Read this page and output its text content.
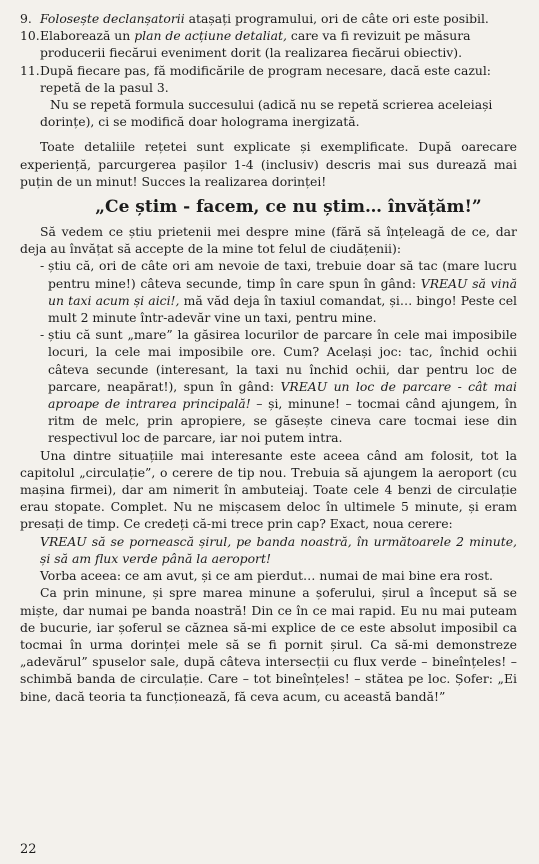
9. Folosește declanșatorii atașați programului, ori de câte ori este posibil.

10. Elaborează un plan de acțiune detaliat, care va fi revizuit pe măsura producerii fiecărui eveniment dorit (la realizarea fiecărui obiectiv).

11. După fiecare pas, fă modificările de program necesare, dacă este cazul: repetă de la pasul 3.

Nu se repetă formula succesului (adică nu se repetă scrierea aceleiași dorințe), ci se modifică doar holograma inergizată.

Toate detaliile rețetei sunt explicate și exemplificate. După oarecare experiență, parcurgerea pașilor 1-4 (inclusiv) descris mai sus durează mai puțin de un minut! Succes la realizarea dorinței!

„Ce știm - facem, ce nu știm… învățăm!”

Să vedem ce știu prietenii mei despre mine (fără să înțeleagă de ce, dar deja au învățat să accepte de la mine tot felul de ciudățenii):

- știu că, ori de câte ori am nevoie de taxi, trebuie doar să tac (mare lucru pentru mine!) câteva secunde, timp în care spun în gând: VREAU să vină un taxi acum și aici!, mă văd deja în taxiul comandat, și… bingo! Peste cel mult 2 minute într-adevăr vine un taxi, pentru mine.

- știu că sunt „mare” la găsirea locurilor de parcare în cele mai imposibile locuri, la cele mai imposibile ore. Cum? Același joc: tac, închid ochii câteva secunde (interesant, la taxi nu închid ochii, dar pentru loc de parcare, neapărat!), spun în gând: VREAU un loc de parcare - cât mai aproape de intrarea principală! – și, minune! – tocmai când ajungem, în ritm de melc, prin apropiere, se găsește cineva care tocmai iese din respectivul loc de parcare, iar noi putem intra.

Una dintre situațiile mai interesante este aceea când am folosit, tot la capitolul „circulație”, o cerere de tip nou. Trebuia să ajungem la aeroport (cu mașina firmei), dar am nimerit în ambuteiaj. Toate cele 4 benzi de circulație erau stopate. Complet. Nu ne mișcasem deloc în ultimele 5 minute, și eram presați de timp. Ce credeți că-mi trece prin cap? Exact, noua cerere:

VREAU să se pornească șirul, pe banda noastră, în următoarele 2 minute, și să am flux verde până la aeroport!

Vorba aceea: ce am avut, și ce am pierdut… numai de mai bine era rost.

Ca prin minune, și spre marea minune a șoferului, șirul a început să se miște, dar numai pe banda noastră! Din ce în ce mai rapid. Eu nu mai puteam de bucurie, iar șoferul se căznea să-mi explice de ce este absolut imposibil ca tocmai în urma dorinței mele să se fi pornit șirul. Ca să-mi demonstreze „adevărul” spuselor sale, după câteva intersecții cu flux verde – bineînțeles! – schimbă banda de circulație. Care – tot bineînțeles! – stătea pe loc. Șofer: „Ei bine, dacă teoria ta funcționează, fă ceva acum, cu această bandă!”

22
